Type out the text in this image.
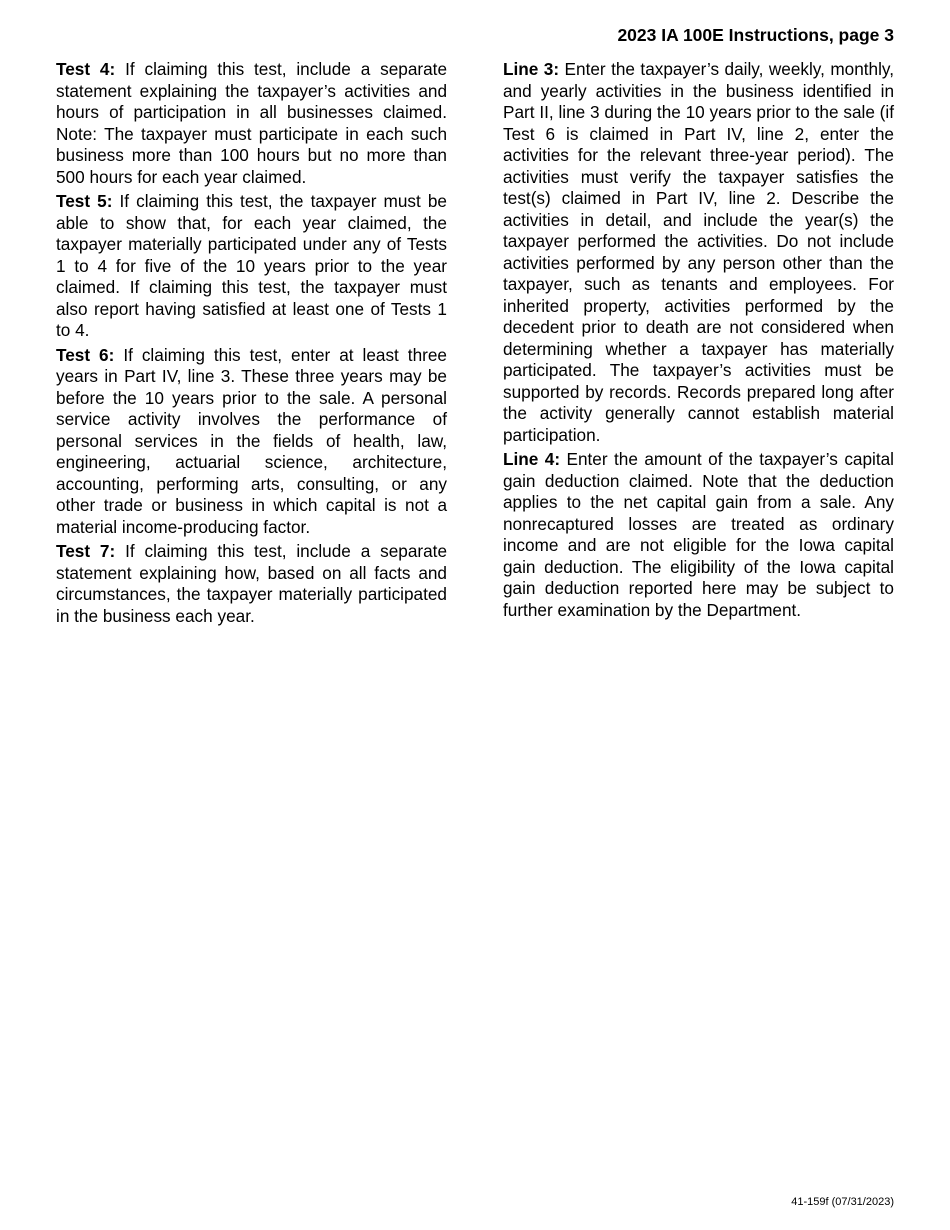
2023 IA 100E Instructions, page 3

Test 4: If claiming this test, include a separate statement explaining the taxpayer’s activities and hours of participation in all businesses claimed. Note: The taxpayer must participate in each such business more than 100 hours but no more than 500 hours for each year claimed.

Test 5: If claiming this test, the taxpayer must be able to show that, for each year claimed, the taxpayer materially participated under any of Tests 1 to 4 for five of the 10 years prior to the year claimed. If claiming this test, the taxpayer must also report having satisfied at least one of Tests 1 to 4.

Test 6: If claiming this test, enter at least three years in Part IV, line 3. These three years may be before the 10 years prior to the sale. A personal service activity involves the performance of personal services in the fields of health, law, engineering, actuarial science, architecture, accounting, performing arts, consulting, or any other trade or business in which capital is not a material income-producing factor.

Test 7: If claiming this test, include a separate statement explaining how, based on all facts and circumstances, the taxpayer materially participated in the business each year.

Line 3: Enter the taxpayer’s daily, weekly, monthly, and yearly activities in the business identified in Part II, line 3 during the 10 years prior to the sale (if Test 6 is claimed in Part IV, line 2, enter the activities for the relevant three-year period). The activities must verify the taxpayer satisfies the test(s) claimed in Part IV, line 2. Describe the activities in detail, and include the year(s) the taxpayer performed the activities. Do not include activities performed by any person other than the taxpayer, such as tenants and employees. For inherited property, activities performed by the decedent prior to death are not considered when determining whether a taxpayer has materially participated. The taxpayer’s activities must be supported by records. Records prepared long after the activity generally cannot establish material participation.

Line 4: Enter the amount of the taxpayer’s capital gain deduction claimed. Note that the deduction applies to the net capital gain from a sale. Any nonrecaptured losses are treated as ordinary income and are not eligible for the Iowa capital gain deduction. The eligibility of the Iowa capital gain deduction reported here may be subject to further examination by the Department.

41-159f (07/31/2023)
